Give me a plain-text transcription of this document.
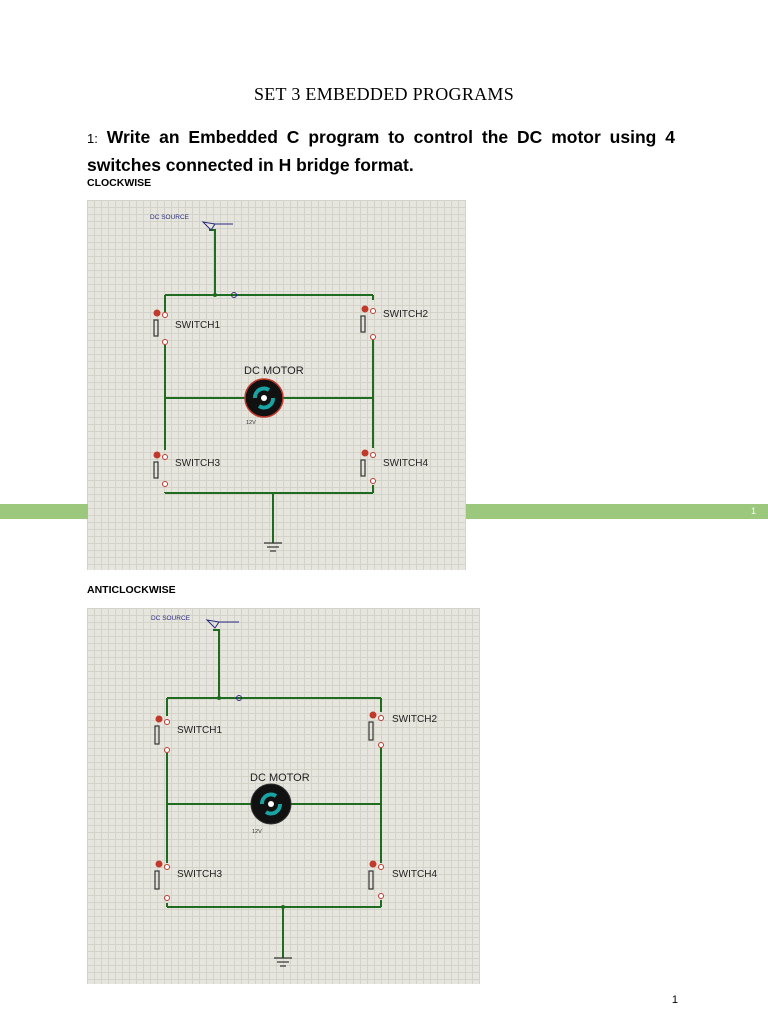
SET 3 EMBEDDED PROGRAMS
1: Write an Embedded C program to control the DC motor using 4 switches connected in H bridge format.
CLOCKWISE
DC SOURCE
SWITCH1
SWITCH2
SWITCH3	SWITCH4
DC MOTOR
12V
1
ANTICLOCKWISE
DC SOURCE
SWITCH1
SWITCH2
SWITCH3	SWITCH4
DC MOTOR
12V
1
